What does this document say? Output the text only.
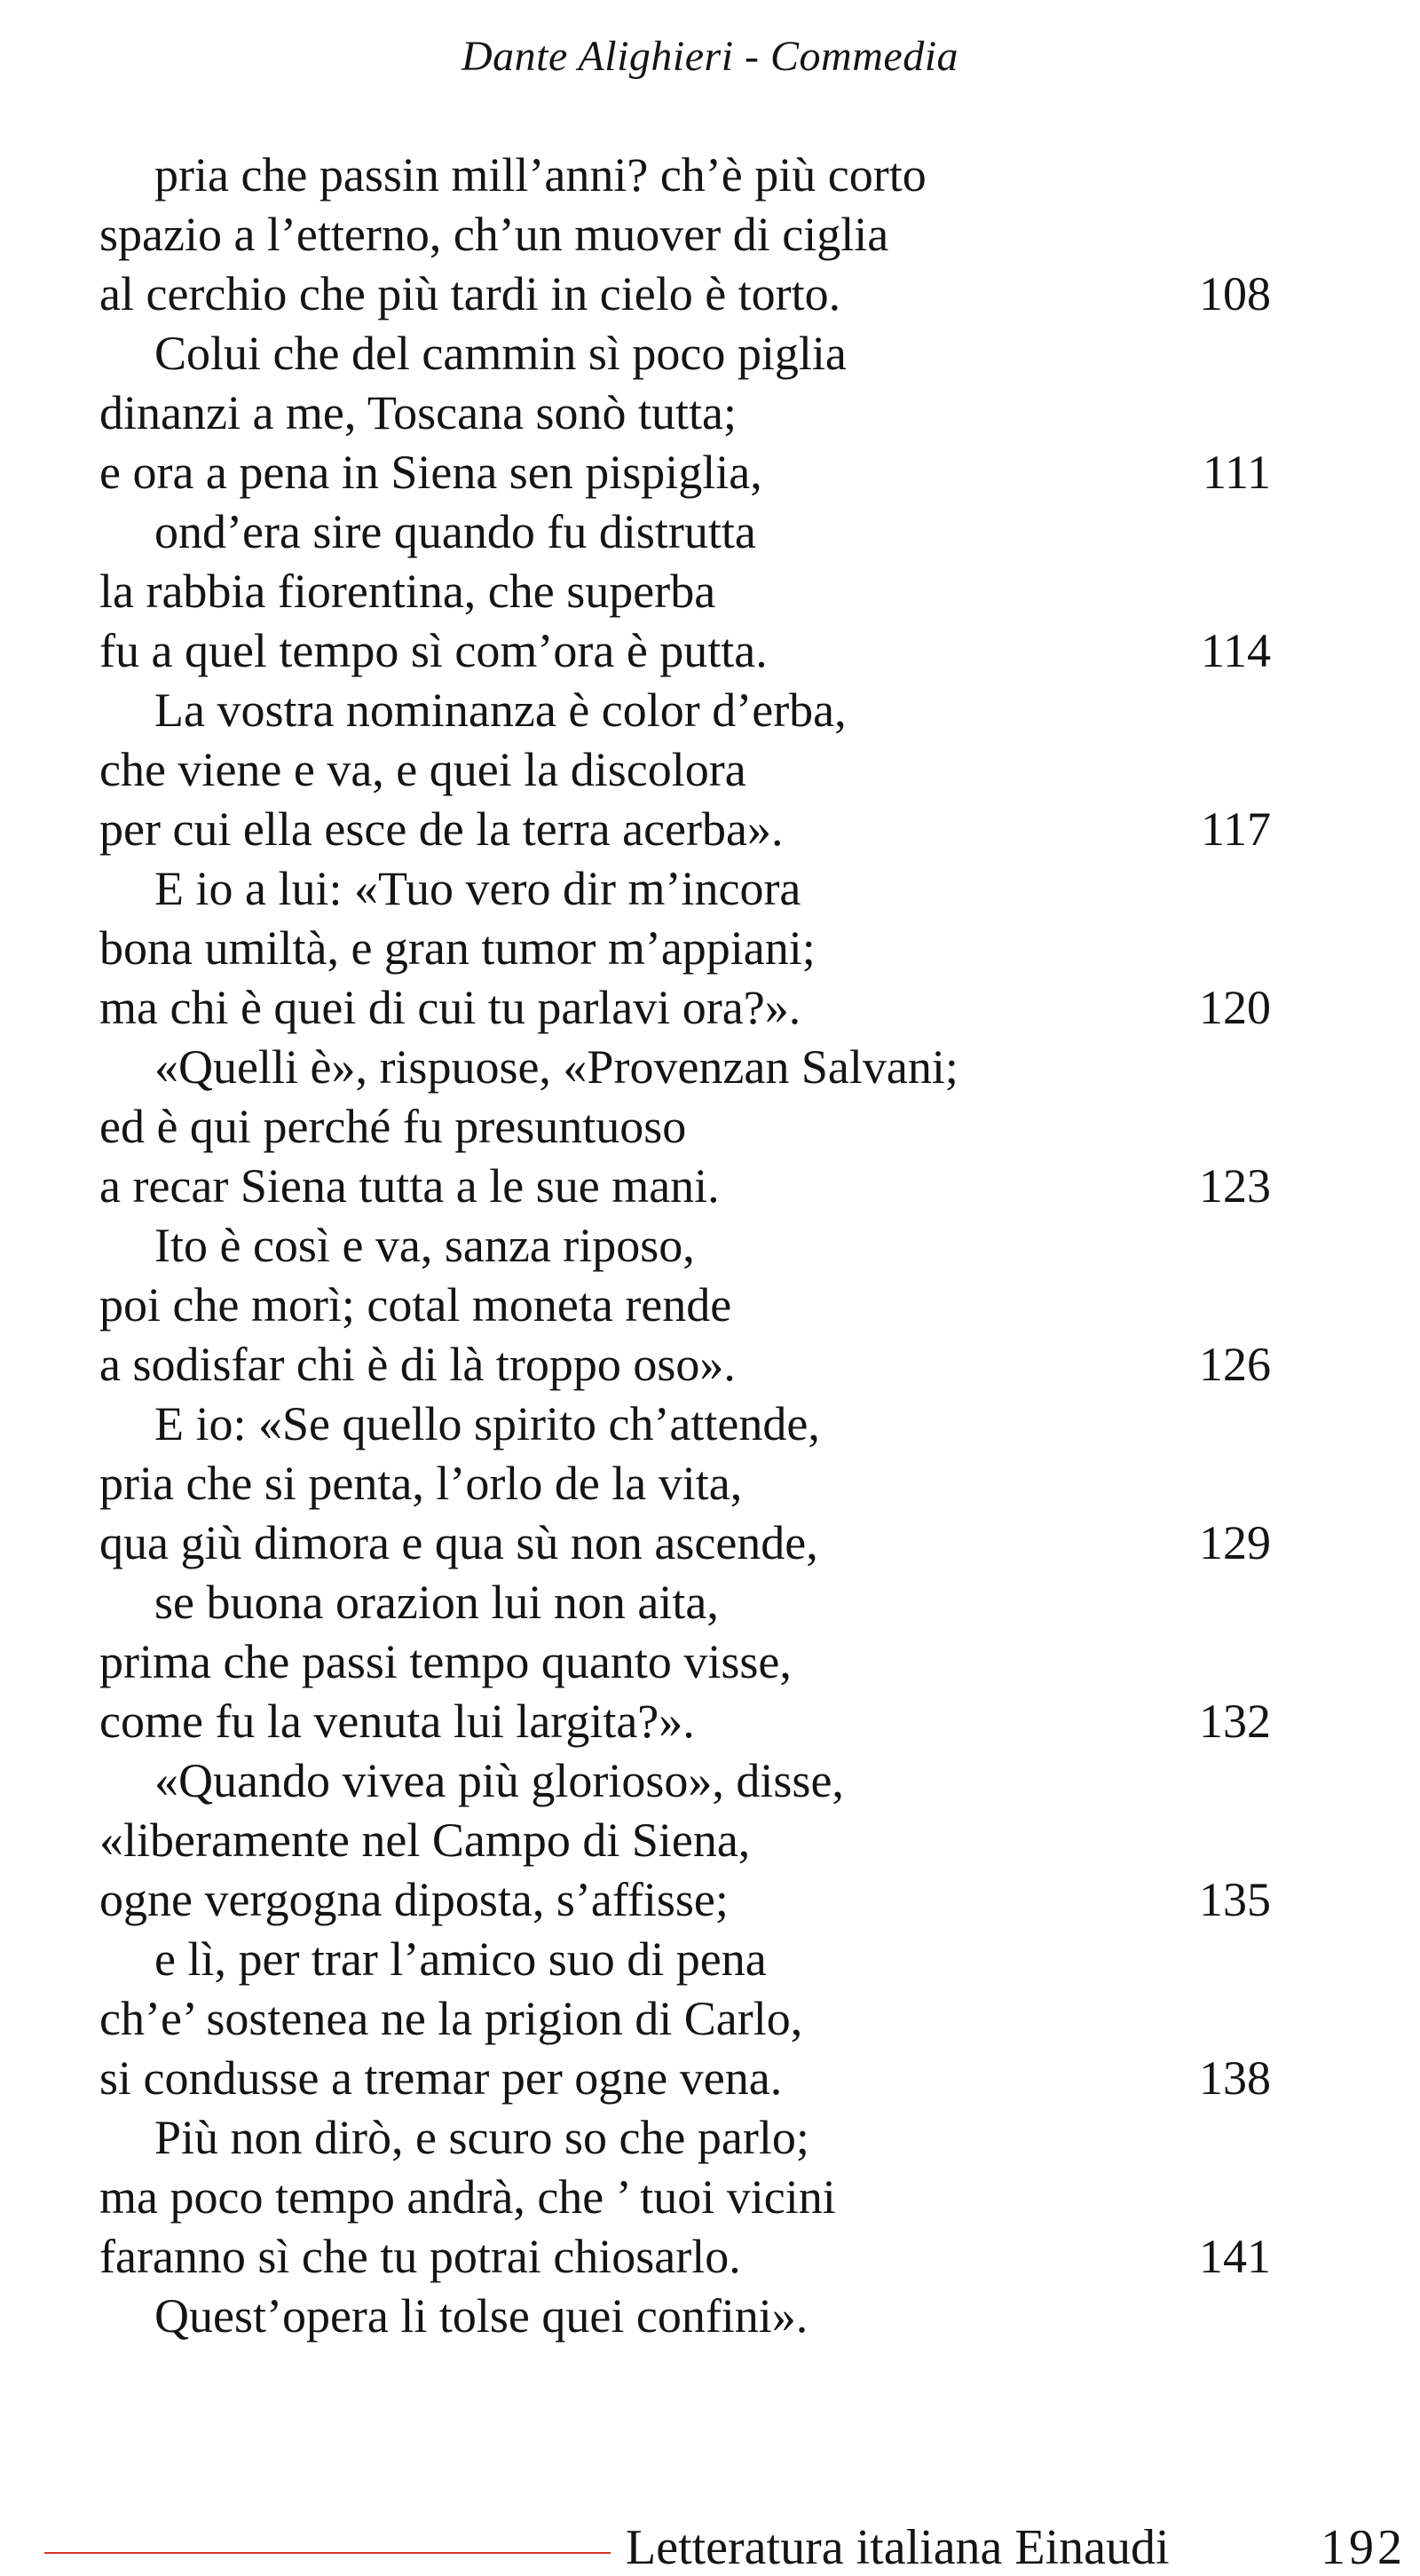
Dante Alighieri - Commedia
pria che passin mill’anni? ch’è più corto
spazio a l’etterno, ch’un muover di ciglia
al cerchio che più tardi in cielo è torto.	108
Colui che del cammin sì poco piglia
dinanzi a me, Toscana sonò tutta;
e ora a pena in Siena sen pispiglia,	111
ond’era sire quando fu distrutta
la rabbia fiorentina, che superba
fu a quel tempo sì com’ora è putta.	114
La vostra nominanza è color d’erba,
che viene e va, e quei la discolora
per cui ella esce de la terra acerba».	117
E io a lui: «Tuo vero dir m’incora
bona umiltà, e gran tumor m’appiani;
ma chi è quei di cui tu parlavi ora?».	120
«Quelli è», rispuose, «Provenzan Salvani;
ed è qui perché fu presuntuoso
a recar Siena tutta a le sue mani.	123
Ito è così e va, sanza riposo,
poi che morì; cotal moneta rende
a sodisfar chi è di là troppo oso».	126
E io: «Se quello spirito ch’attende,
pria che si penta, l’orlo de la vita,
qua giù dimora e qua sù non ascende,	129
se buona orazion lui non aita,
prima che passi tempo quanto visse,
come fu la venuta lui largita?».	132
«Quando vivea più glorioso», disse,
«liberamente nel Campo di Siena,
ogne vergogna diposta, s’affisse;	135
e lì, per trar l’amico suo di pena
ch’e’ sostenea ne la prigion di Carlo,
si condusse a tremar per ogne vena.	138
Più non dirò, e scuro so che parlo;
ma poco tempo andrà, che ’ tuoi vicini
faranno sì che tu potrai chiosarlo.	141
Quest’opera li tolse quei confini».
Letteratura italiana Einaudi	192
